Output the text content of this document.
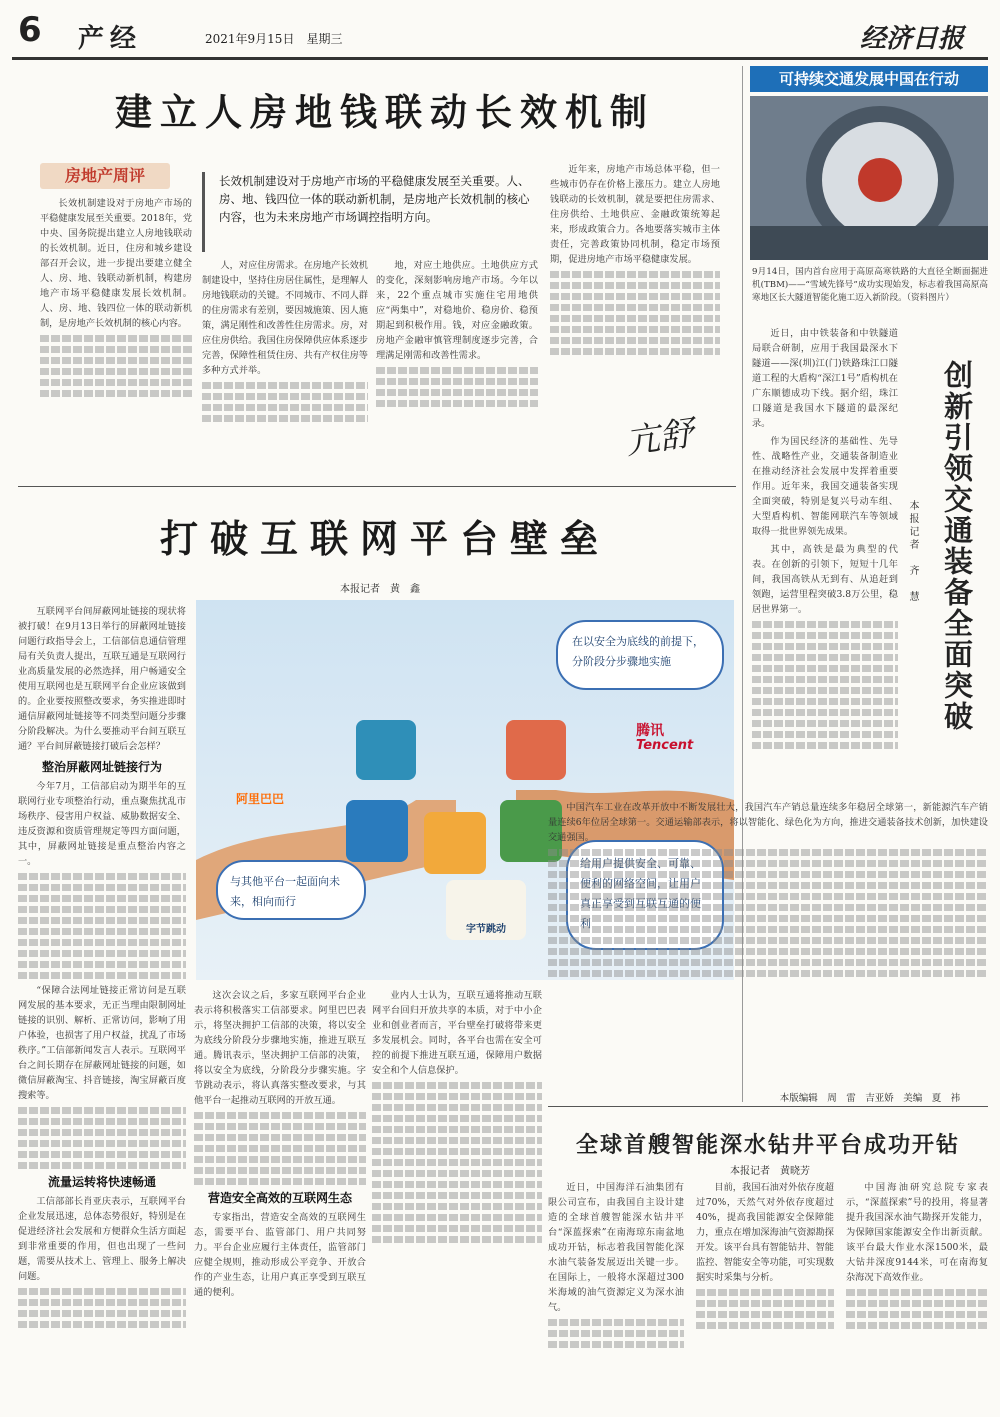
6 产经	2021年9月15日　星期三	经济日报
建立人房地钱联动长效机制
房地产周评	长效机制建设对于房地产市场的平稳健康发展至关重要。人、房、地、钱四位一体的联动新机制，是房地产长效机制的核心内容，也为未来房地产市场调控指明方向。

长效机制建设对于房地产市场的平稳健康发展至关重要。2018年，党中央、国务院提出建立人房地钱联动的长效机制。近日，住房和城乡建设部召开会议，进一步提出要建立健全人、房、地、钱联动新机制，构建房地产市场平稳健康发展长效机制。人、房、地、钱四位一体的联动新机制，是房地产长效机制的核心内容。

人，对应住房需求。在房地产长效机制建设中，坚持住房居住属性，是理解人房地钱联动的关键。不同城市、不同人群的住房需求有差别，要因城施策、因人施策，满足刚性和改善性住房需求。房，对应住房供给。我国住房保障供应体系逐步完善，保障性租赁住房、共有产权住房等多种方式并举。

地，对应土地供应。土地供应方式的变化，深刻影响房地产市场。今年以来，22个重点城市实施住宅用地供应“两集中”，对稳地价、稳房价、稳预期起到积极作用。钱，对应金融政策。房地产金融审慎管理制度逐步完善，合理满足刚需和改善性需求。

近年来，房地产市场总体平稳，但一些城市仍存在价格上涨压力。建立人房地钱联动的长效机制，就是要把住房需求、住房供给、土地供应、金融政策统筹起来，形成政策合力。各地要落实城市主体责任，完善政策协同机制，稳定市场预期，促进房地产市场平稳健康发展。

亢舒
打破互联网平台壁垒
本报记者　黄　鑫
在以安全为底线的前提下，分阶段分步骤地实施
与其他平台一起面向未来，相向而行
给用户提供安全、可靠、便利的网络空间，让用户真正享受到互联互通的便利
阿里巴巴
腾讯
Tencent
字节跳动

互联网平台间屏蔽网址链接的现状将被打破！在9月13日举行的屏蔽网址链接问题行政指导会上，工信部信息通信管理局有关负责人提出，互联互通是互联网行业高质量发展的必然选择，用户畅通安全使用互联网也是互联网平台企业应该做到的。企业要按照整改要求，务实推进即时通信屏蔽网址链接等不同类型问题分步骤分阶段解决。为什么要推动平台间互联互通？平台间屏蔽链接打破后会怎样？

整治屏蔽网址链接行为

今年7月，工信部启动为期半年的互联网行业专项整治行动，重点聚焦扰乱市场秩序、侵害用户权益、威胁数据安全、违反资源和资质管理规定等四方面问题，其中，屏蔽网址链接是重点整治内容之一。

“保障合法网址链接正常访问是互联网发展的基本要求，无正当理由限制网址链接的识别、解析、正常访问，影响了用户体验，也损害了用户权益，扰乱了市场秩序。”工信部新闻发言人表示。互联网平台之间长期存在屏蔽网址链接的问题，如微信屏蔽淘宝、抖音链接，淘宝屏蔽百度搜索等。

流量运转将快速畅通

工信部部长肖亚庆表示，互联网平台企业发展迅速，总体态势很好，特别是在促进经济社会发展和方便群众生活方面起到非常重要的作用，但也出现了一些问题，需要从技术上、管理上、服务上解决问题。

这次会议之后，多家互联网平台企业表示将积极落实工信部要求。阿里巴巴表示，将坚决拥护工信部的决策，将以安全为底线分阶段分步骤地实施，推进互联互通。腾讯表示，坚决拥护工信部的决策，将以安全为底线，分阶段分步骤实施。字节跳动表示，将认真落实整改要求，与其他平台一起推动互联网的开放互通。

营造安全高效的互联网生态

专家指出，营造安全高效的互联网生态，需要平台、监管部门、用户共同努力。平台企业应履行主体责任，监管部门应健全规则，推动形成公平竞争、开放合作的产业生态，让用户真正享受到互联互通的便利。

业内人士认为，互联互通将推动互联网平台回归开放共享的本质，对于中小企业和创业者而言，平台壁垒打破将带来更多发展机会。同时，各平台也需在安全可控的前提下推进互联互通，保障用户数据安全和个人信息保护。

可持续交通发展中国在行动
9月14日，国内首台应用于高原高寒铁路的大直径全断面掘进机(TBM)——“雪域先锋号”成功实现始发，标志着我国高原高寒地区长大隧道智能化施工迈入新阶段。（资料图片）
创新引领交通装备全面突破
本报记者　齐　慧

近日，由中铁装备和中铁隧道局联合研制，应用于我国最深水下隧道——深(圳)江(门)铁路珠江口隧道工程的大盾构“深江1号”盾构机在广东顺德成功下线。据介绍，珠江口隧道是我国水下隧道的最深纪录。

作为国民经济的基础性、先导性、战略性产业，交通装备制造业在推动经济社会发展中发挥着重要作用。近年来，我国交通装备实现全面突破，特别是复兴号动车组、大型盾构机、智能网联汽车等领域取得一批世界领先成果。

其中，高铁是最为典型的代表。在创新的引领下，短短十几年间，我国高铁从无到有、从追赶到领跑，运营里程突破3.8万公里，稳居世界第一。

中国汽车工业在改革开放中不断发展壮大，我国汽车产销总量连续多年稳居全球第一，新能源汽车产销量连续6年位居全球第一。交通运输部表示，将以智能化、绿色化为方向，推进交通装备技术创新，加快建设交通强国。

本版编辑　周　雷　吉亚娇　美编　夏　祎
全球首艘智能深水钻井平台成功开钻
本报记者　黄晓芳

近日，中国海洋石油集团有限公司宣布，由我国自主设计建造的全球首艘智能深水钻井平台“深蓝探索”在南海琼东南盆地成功开钻，标志着我国智能化深水油气装备发展迈出关键一步。在国际上，一般将水深超过300米海域的油气资源定义为深水油气。

目前，我国石油对外依存度超过70%，天然气对外依存度超过40%，提高我国能源安全保障能力，重点在增加深海油气资源勘探开发。该平台具有智能钻井、智能监控、智能安全等功能，可实现数据实时采集与分析。

中国海油研究总院专家表示，“深蓝探索”号的投用，将显著提升我国深水油气勘探开发能力，为保障国家能源安全作出新贡献。该平台最大作业水深1500米，最大钻井深度9144米，可在南海复杂海况下高效作业。
